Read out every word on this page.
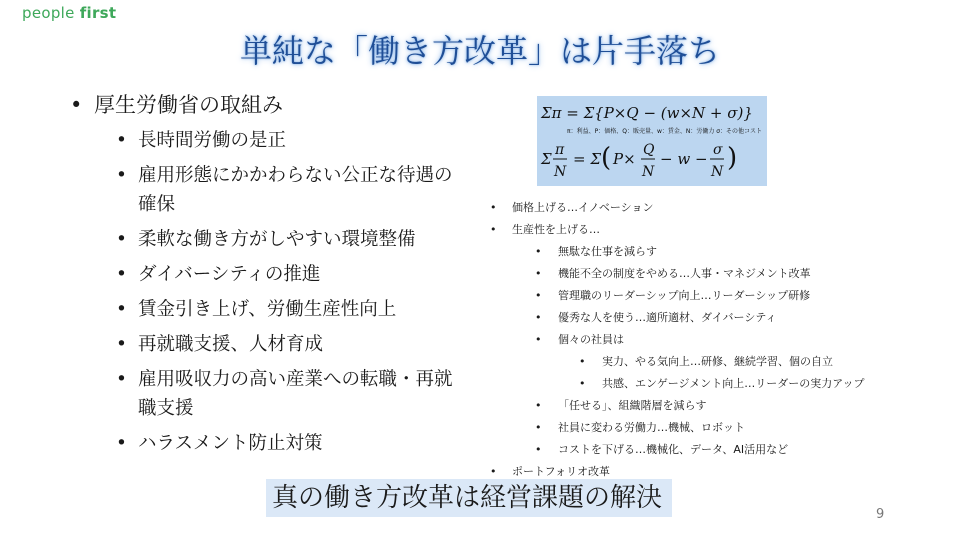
people first
単純な「働き方改革」は片手落ち
• 厚生労働省の取組み
• 長時間労働の是正
• 雇用形態にかかわらない公正な待遇の確保
• 柔軟な働き方がしやすい環境整備
• ダイバーシティの推進
• 賃金引き上げ、労働生産性向上
• 再就職支援、人材育成
• 雇用吸収力の高い産業への転職・再就職支援
• ハラスメント防止対策
Σπ = Σ{P×Q − (w×N + σ)}
π：利益、P：価格、Q：販売量、w：賃金、N：労働力 σ：その他コスト
Σ π
N
= Σ ( P× Q
N
− w − σ
N )
• 価格上げる…イノベーション
• 生産性を上げる…
• 無駄な仕事を減らす
• 機能不全の制度をやめる…人事・マネジメント改革
• 管理職のリーダーシップ向上…リーダーシップ研修
• 優秀な人を使う…適所適材、ダイバーシティ
• 個々の社員は
• 実力、やる気向上…研修、継続学習、個の自立
• 共感、エンゲージメント向上…リーダーの実力アップ
• 「任せる」、組織階層を減らす
• 社員に変わる労働力…機械、ロボット
• コストを下げる…機械化、データ、AI活用など
• ポートフォリオ改革
真の働き方改革は経営課題の解決
9
